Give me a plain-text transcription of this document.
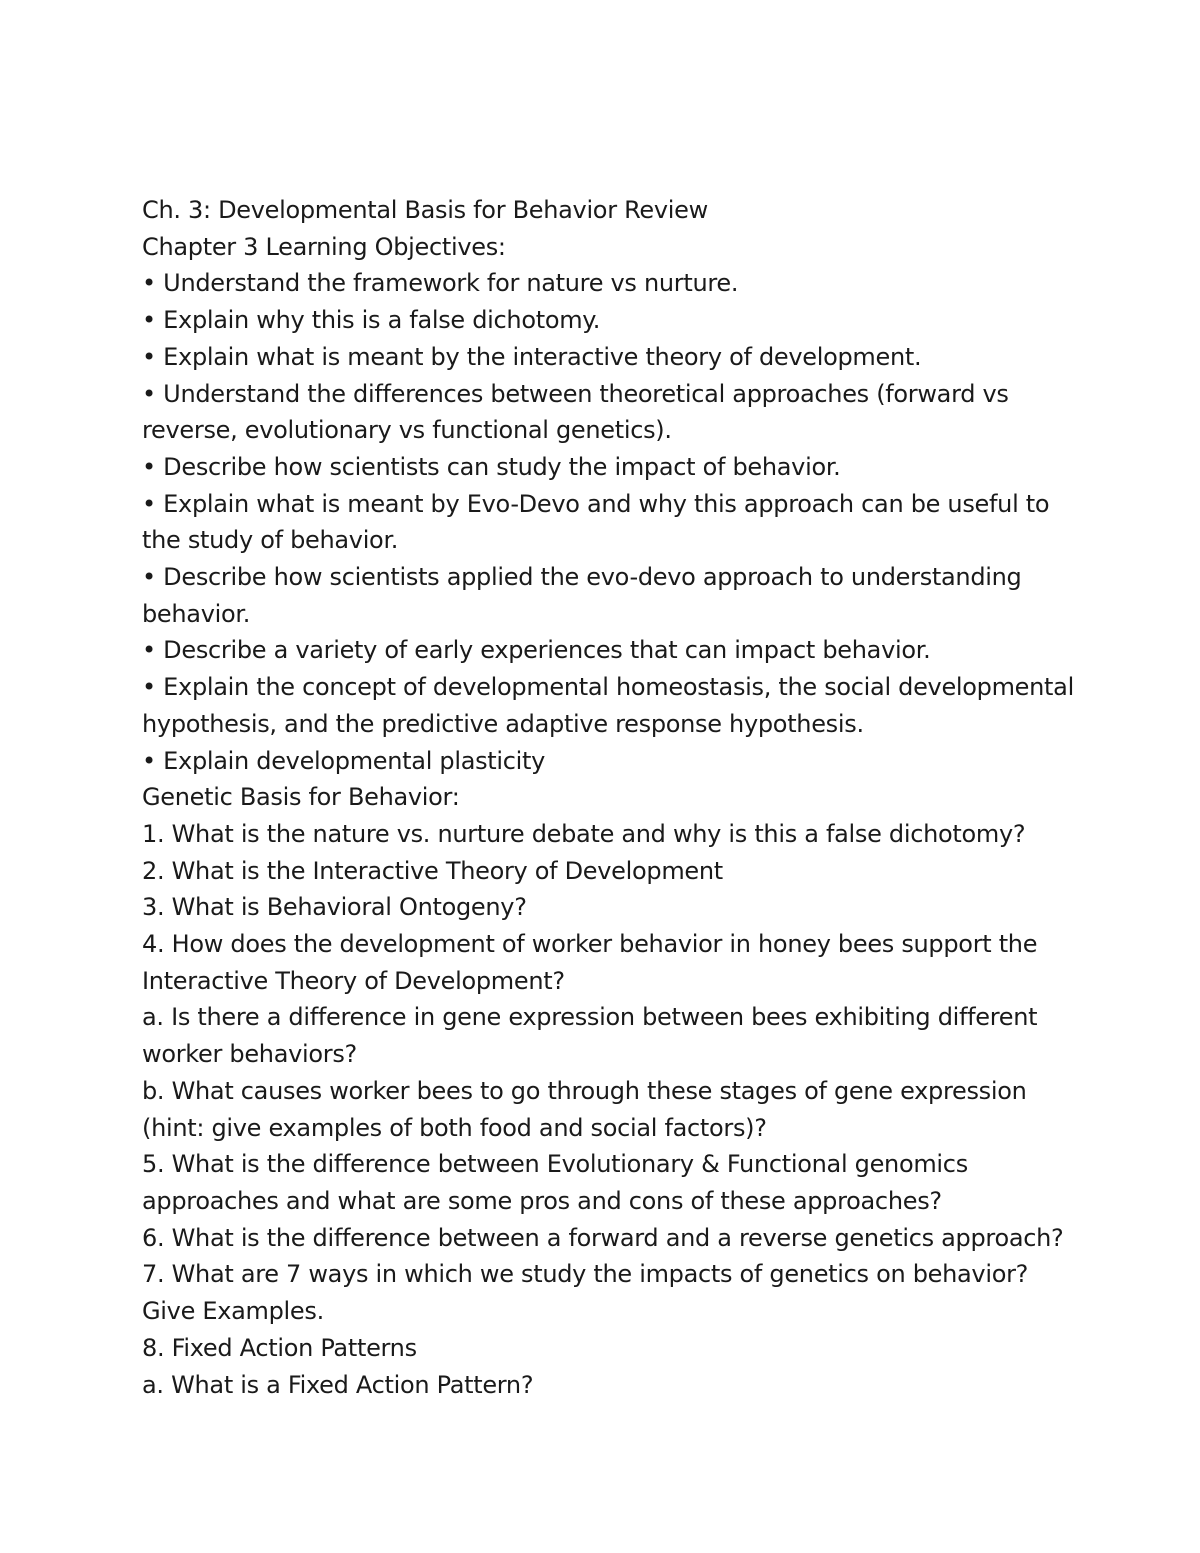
Ch. 3: Developmental Basis for Behavior Review

Chapter 3 Learning Objectives:

• Understand the framework for nature vs nurture.

• Explain why this is a false dichotomy.

• Explain what is meant by the interactive theory of development.

• Understand the differences between theoretical approaches (forward vs

reverse, evolutionary vs functional genetics).

• Describe how scientists can study the impact of behavior.

• Explain what is meant by Evo-Devo and why this approach can be useful to

the study of behavior.

• Describe how scientists applied the evo-devo approach to understanding

behavior.

• Describe a variety of early experiences that can impact behavior.

• Explain the concept of developmental homeostasis, the social developmental

hypothesis, and the predictive adaptive response hypothesis.

• Explain developmental plasticity

Genetic Basis for Behavior:

1. What is the nature vs. nurture debate and why is this a false dichotomy?

2. What is the Interactive Theory of Development

3. What is Behavioral Ontogeny?

4. How does the development of worker behavior in honey bees support the

Interactive Theory of Development?

a. Is there a difference in gene expression between bees exhibiting different

worker behaviors?

b. What causes worker bees to go through these stages of gene expression

(hint: give examples of both food and social factors)?

5. What is the difference between Evolutionary & Functional genomics

approaches and what are some pros and cons of these approaches?

6. What is the difference between a forward and a reverse genetics approach?

7. What are 7 ways in which we study the impacts of genetics on behavior?

Give Examples.

8. Fixed Action Patterns

a. What is a Fixed Action Pattern?
